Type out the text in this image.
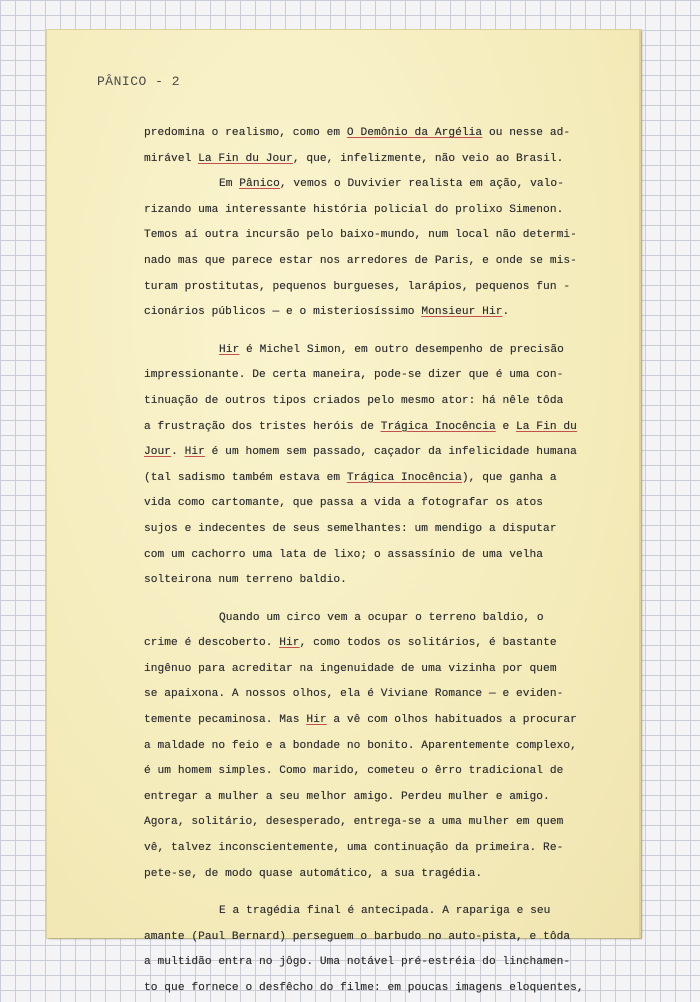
PÂNICO - 2

predomina o realismo, como em O Demônio da Argélia ou nesse ad-

mirável La Fin du Jour, que, infelizmente, não veio ao Brasil.

Em Pânico, vemos o Duvivier realista em ação, valo-

rizando uma interessante história policial do prolixo Simenon.

Temos aí outra incursão pelo baixo-mundo, num local não determi-

nado mas que parece estar nos arredores de Paris, e onde se mis-

turam prostitutas, pequenos burgueses, larápios, pequenos fun -

cionários públicos — e o misteriosíssimo Monsieur Hir.

Hir é Michel Simon, em outro desempenho de precisão

impressionante. De certa maneira, pode-se dizer que é uma con-

tinuação de outros tipos criados pelo mesmo ator: há nêle tôda

a frustração dos tristes heróis de Trágica Inocência e La Fin du

Jour. Hir é um homem sem passado, caçador da infelicidade humana

(tal sadismo também estava em Trágica Inocência), que ganha a

vida como cartomante, que passa a vida a fotografar os atos

sujos e indecentes de seus semelhantes: um mendigo a disputar

com um cachorro uma lata de lixo; o assassínio de uma velha

solteirona num terreno baldio.

Quando um circo vem a ocupar o terreno baldio, o

crime é descoberto. Hir, como todos os solitários, é bastante

ingênuo para acreditar na ingenuidade de uma vizinha por quem

se apaixona. A nossos olhos, ela é Viviane Romance — e eviden-

temente pecaminosa. Mas Hir a vê com olhos habituados a procurar

a maldade no feio e a bondade no bonito. Aparentemente complexo,

é um homem simples. Como marido, cometeu o êrro tradicional de

entregar a mulher a seu melhor amigo. Perdeu mulher e amigo.

Agora, solitário, desesperado, entrega-se a uma mulher em quem

vê, talvez inconscientemente, uma continuação da primeira. Re-

pete-se, de modo quase automático, a sua tragédia.

E a tragédia final é antecipada. A rapariga e seu

amante (Paul Bernard) perseguem o barbudo no auto-pista, e tôda

a multidão entra no jôgo. Uma notável pré-estréia do linchamen-

to que fornece o desfêcho do filme: em poucas imagens eloquentes,
